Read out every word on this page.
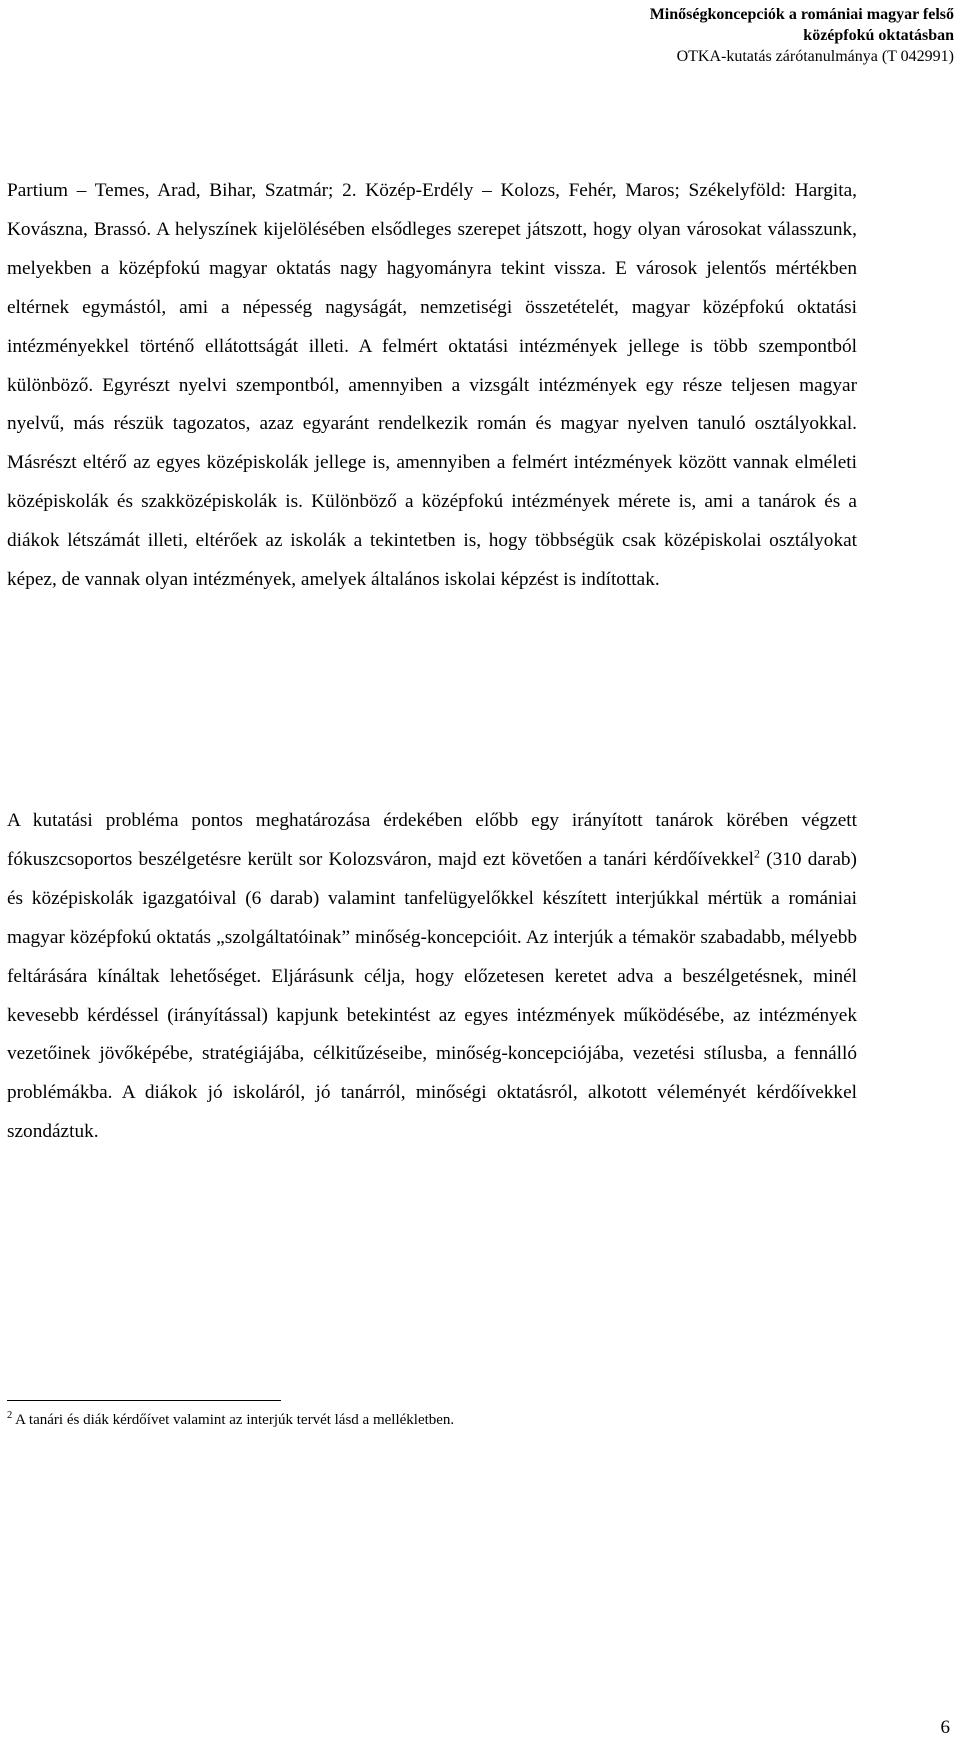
Minőségkoncepciók a romániai magyar felső
középfokú oktatásban
OTKA-kutatás zárótanulmánya (T 042991)

Partium – Temes, Arad, Bihar, Szatmár; 2. Közép-Erdély – Kolozs, Fehér, Maros; Székelyföld: Hargita, Kovászna, Brassó. A helyszínek kijelölésében elsődleges szerepet játszott, hogy olyan városokat válasszunk, melyekben a középfokú magyar oktatás nagy hagyományra tekint vissza. E városok jelentős mértékben eltérnek egymástól, ami a népesség nagyságát, nemzetiségi összetételét, magyar középfokú oktatási intézményekkel történő ellátottságát illeti. A felmért oktatási intézmények jellege is több szempontból különböző. Egyrészt nyelvi szempontból, amennyiben a vizsgált intézmények egy része teljesen magyar nyelvű, más részük tagozatos, azaz egyaránt rendelkezik román és magyar nyelven tanuló osztályokkal. Másrészt eltérő az egyes középiskolák jellege is, amennyiben a felmért intézmények között vannak elméleti középiskolák és szakközépiskolák is. Különböző a középfokú intézmények mérete is, ami a tanárok és a diákok létszámát illeti, eltérőek az iskolák a tekintetben is, hogy többségük csak középiskolai osztályokat képez, de vannak olyan intézmények, amelyek általános iskolai képzést is indítottak.

A kutatási probléma pontos meghatározása érdekében előbb egy irányított tanárok körében végzett fókuszcsoportos beszélgetésre került sor Kolozsváron, majd ezt követően a tanári kérdőívekkel$^2$ (310 darab) és középiskolák igazgatóival (6 darab) valamint tanfelügyelőkkel készített interjúkkal mértük a romániai magyar középfokú oktatás „szolgáltatóinak” minőség-koncepcióit. Az interjúk a témakör szabadabb, mélyebb feltárására kínáltak lehetőséget. Eljárásunk célja, hogy előzetesen keretet adva a beszélgetésnek, minél kevesebb kérdéssel (irányítással) kapjunk betekintést az egyes intézmények működésébe, az intézmények vezetőinek jövőképébe, stratégiájába, célkitűzéseibe, minőség-koncepciójába, vezetési stílusba, a fennálló problémákba. A diákok jó iskoláról, jó tanárról, minőségi oktatásról, alkotott véleményét kérdőívekkel szondáztuk.

$^2$ A tanári és diák kérdőívet valamint az interjúk tervét lásd a mellékletben.
6
